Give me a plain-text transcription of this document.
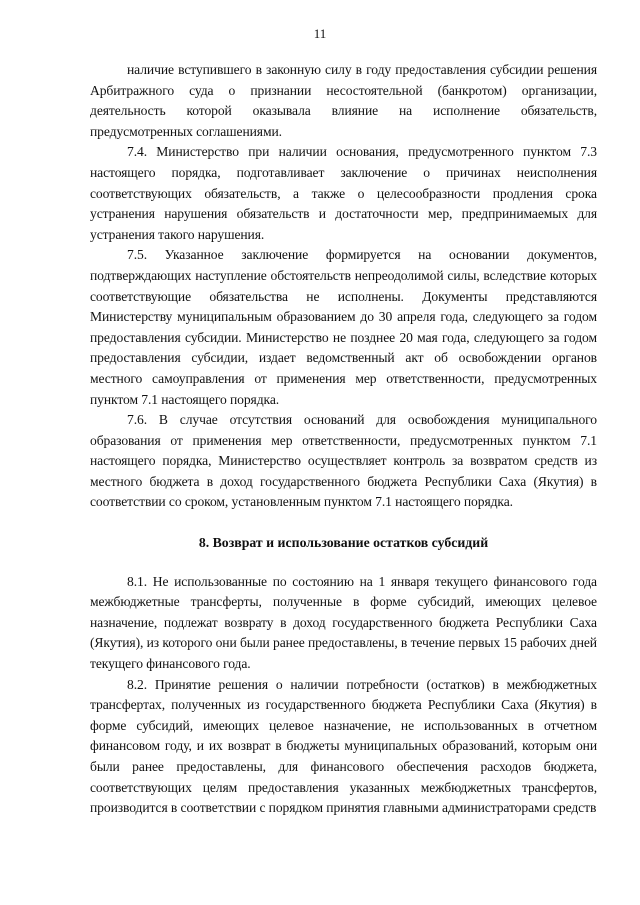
11

наличие вступившего в законную силу в году предоставления субсидии решения Арбитражного суда о признании несостоятельной (банкротом) организации, деятельность которой оказывала влияние на исполнение обязательств, предусмотренных соглашениями.

7.4. Министерство при наличии основания, предусмотренного пунктом 7.3 настоящего порядка, подготавливает заключение о причинах неисполнения соответствующих обязательств, а также о целесообразности продления срока устранения нарушения обязательств и достаточности мер, предпринимаемых для устранения такого нарушения.

7.5. Указанное заключение формируется на основании документов, подтверждающих наступление обстоятельств непреодолимой силы, вследствие которых соответствующие обязательства не исполнены. Документы представляются Министерству муниципальным образованием до 30 апреля года, следующего за годом предоставления субсидии. Министерство не позднее 20 мая года, следующего за годом предоставления субсидии, издает ведомственный акт об освобождении органов местного самоуправления от применения мер ответственности, предусмотренных пунктом 7.1 настоящего порядка.

7.6. В случае отсутствия оснований для освобождения муниципального образования от применения мер ответственности, предусмотренных пунктом 7.1 настоящего порядка, Министерство осуществляет контроль за возвратом средств из местного бюджета в доход государственного бюджета Республики Саха (Якутия) в соответствии со сроком, установленным пунктом 7.1 настоящего порядка.

8. Возврат и использование остатков субсидий

8.1. Не использованные по состоянию на 1 января текущего финансового года межбюджетные трансферты, полученные в форме субсидий, имеющих целевое назначение, подлежат возврату в доход государственного бюджета Республики Саха (Якутия), из которого они были ранее предоставлены, в течение первых 15 рабочих дней текущего финансового года.

8.2. Принятие решения о наличии потребности (остатков) в межбюджетных трансфертах, полученных из государственного бюджета Республики Саха (Якутия) в форме субсидий, имеющих целевое назначение, не использованных в отчетном финансовом году, и их возврат в бюджеты муниципальных образований, которым они были ранее предоставлены, для финансового обеспечения расходов бюджета, соответствующих целям предоставления указанных межбюджетных трансфертов, производится в соответствии с порядком принятия главными администраторами средств
